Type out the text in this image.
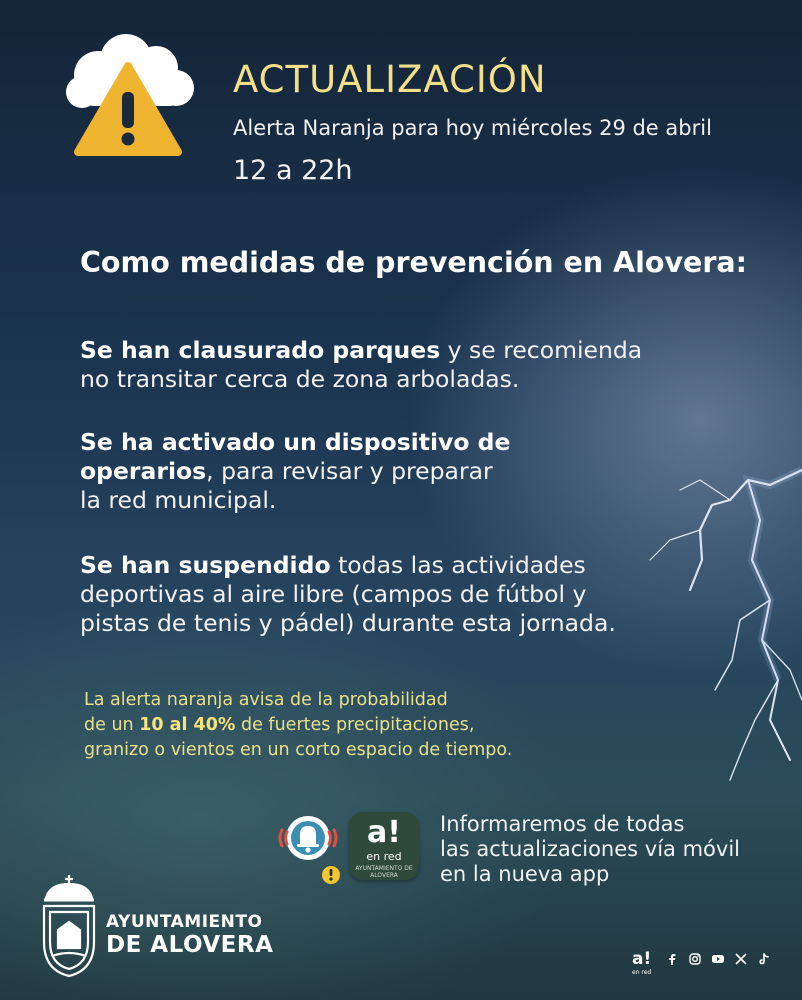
ACTUALIZACIÓN
Alerta Naranja para hoy miércoles 29 de abril
12 a 22h
Como medidas de prevención en Alovera:
Se han clausurado parques y se recomienda
no transitar cerca de zona arboladas.
Se ha activado un dispositivo de
operarios, para revisar y preparar
la red municipal.
Se han suspendido todas las actividades
deportivas al aire libre (campos de fútbol y
pistas de tenis y pádel) durante esta jornada.
La alerta naranja avisa de la probabilidad
de un 10 al 40% de fuertes precipitaciones,
granizo o vientos en un corto espacio de tiempo.
a!
en red
AYUNTAMIENTO DE ALOVERA
Informaremos de todas
las actualizaciones vía móvil
en la nueva app
AYUNTAMIENTO
DE ALOVERA
a!
en red
